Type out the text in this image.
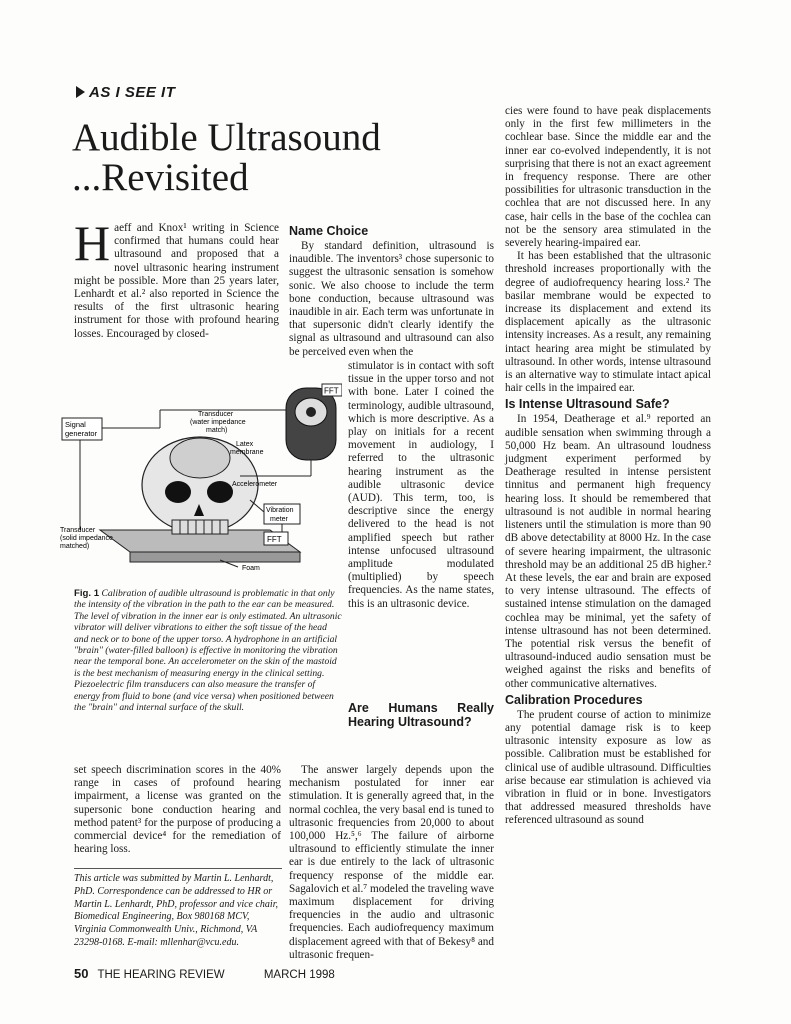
AS I SEE IT
Audible Ultrasound
...Revisited
H aeff and Knox¹ writing in Science confirmed that humans could hear ultrasound and proposed that a novel ultrasonic hearing instrument might be possible. More than 25 years later, Lenhardt et al.² also reported in Science the results of the first ultrasonic hearing instrument for those with profound hearing losses. Encouraged by closed-

Name Choice

By standard definition, ultrasound is inaudible. The inventors³ chose supersonic to suggest the ultrasonic sensation is somehow sonic. We also choose to include the term bone conduction, because ultrasound was inaudible in air. Each term was unfortunate in that supersonic didn't clearly identify the signal as ultrasound and ultrasound can also be perceived even when the

stimulator is in contact with soft tissue in the upper torso and not with bone. Later I coined the terminology, audible ultrasound, which is more descriptive. As a play on initials for a recent movement in audiology, I referred to the ultrasonic hearing instrument as the audible ultrasonic device (AUD). This term, too, is descriptive since the energy delivered to the head is not amplified speech but rather intense unfocused ultrasound amplitude modulated (multiplied) by speech frequencies. As the name states, this is an ultrasonic device.

Are Humans Really Hearing Ultrasound?
FFT
Signal
generator
Transducer
(water impedance
match)
Latex
membrane
Accelerometer
Vibration
meter
FFT
Transducer
(solid impedance
matched)
Foam
Fig. 1 Calibration of audible ultrasound is problematic in that only the intensity of the vibration in the path to the ear can be measured. The level of vibration in the inner ear is only estimated. An ultrasonic vibrator will deliver vibrations to either the soft tissue of the head and neck or to bone of the upper torso. A hydrophone in an artificial "brain" (water-filled balloon) is effective in monitoring the vibration near the temporal bone. An accelerometer on the skin of the mastoid is the best mechanism of measuring energy in the clinical setting. Piezoelectric film transducers can also measure the transfer of energy from fluid to bone (and vice versa) when positioned between the "brain" and internal surface of the skull.

set speech discrimination scores in the 40% range in cases of profound hearing impairment, a license was granted on the supersonic bone conduction hearing and method patent³ for the purpose of producing a commercial device⁴ for the remediation of hearing loss.

This article was submitted by Martin L. Lenhardt, PhD. Correspondence can be addressed to HR or Martin L. Lenhardt, PhD, professor and vice chair, Biomedical Engineering, Box 980168 MCV, Virginia Commonwealth Univ., Richmond, VA 23298-0168. E-mail: mllenhar@vcu.edu.

The answer largely depends upon the mechanism postulated for inner ear stimulation. It is generally agreed that, in the normal cochlea, the very basal end is tuned to ultrasonic frequencies from 20,000 to about 100,000 Hz.⁵,⁶ The failure of airborne ultrasound to efficiently stimulate the inner ear is due entirely to the lack of ultrasonic frequency response of the middle ear. Sagalovich et al.⁷ modeled the traveling wave maximum displacement for driving frequencies in the audio and ultrasonic frequencies. Each audiofrequency maximum displacement agreed with that of Bekesy⁸ and ultrasonic frequen-

cies were found to have peak displacements only in the first few millimeters in the cochlear base. Since the middle ear and the inner ear co-evolved independently, it is not surprising that there is not an exact agreement in frequency response. There are other possibilities for ultrasonic transduction in the cochlea that are not discussed here. In any case, hair cells in the base of the cochlea can not be the sensory area stimulated in the severely hearing-impaired ear.

It has been established that the ultrasonic threshold increases proportionally with the degree of audiofrequency hearing loss.² The basilar membrane would be expected to increase its displacement and extend its displacement apically as the ultrasonic intensity increases. As a result, any remaining intact hearing area might be stimulated by ultrasound. In other words, intense ultrasound is an alternative way to stimulate intact apical hair cells in the impaired ear.

Is Intense Ultrasound Safe?

In 1954, Deatherage et al.⁹ reported an audible sensation when swimming through a 50,000 Hz beam. An ultrasound loudness judgment experiment performed by Deatherage resulted in intense persistent tinnitus and permanent high frequency hearing loss. It should be remembered that ultrasound is not audible in normal hearing listeners until the stimulation is more than 90 dB above detectability at 8000 Hz. In the case of severe hearing impairment, the ultrasonic threshold may be an additional 25 dB higher.² At these levels, the ear and brain are exposed to very intense ultrasound. The effects of sustained intense stimulation on the damaged cochlea may be minimal, yet the safety of intense ultrasound has not been determined. The potential risk versus the benefit of ultrasound-induced audio sensation must be weighed against the risks and benefits of other communicative alternatives.

Calibration Procedures

The prudent course of action to minimize any potential damage risk is to keep ultrasonic intensity exposure as low as possible. Calibration must be established for clinical use of audible ultrasound. Difficulties arise because ear stimulation is achieved via vibration in fluid or in bone. Investigators that addressed measured thresholds have referenced ultrasound as sound

50 THE HEARING REVIEW	MARCH 1998
